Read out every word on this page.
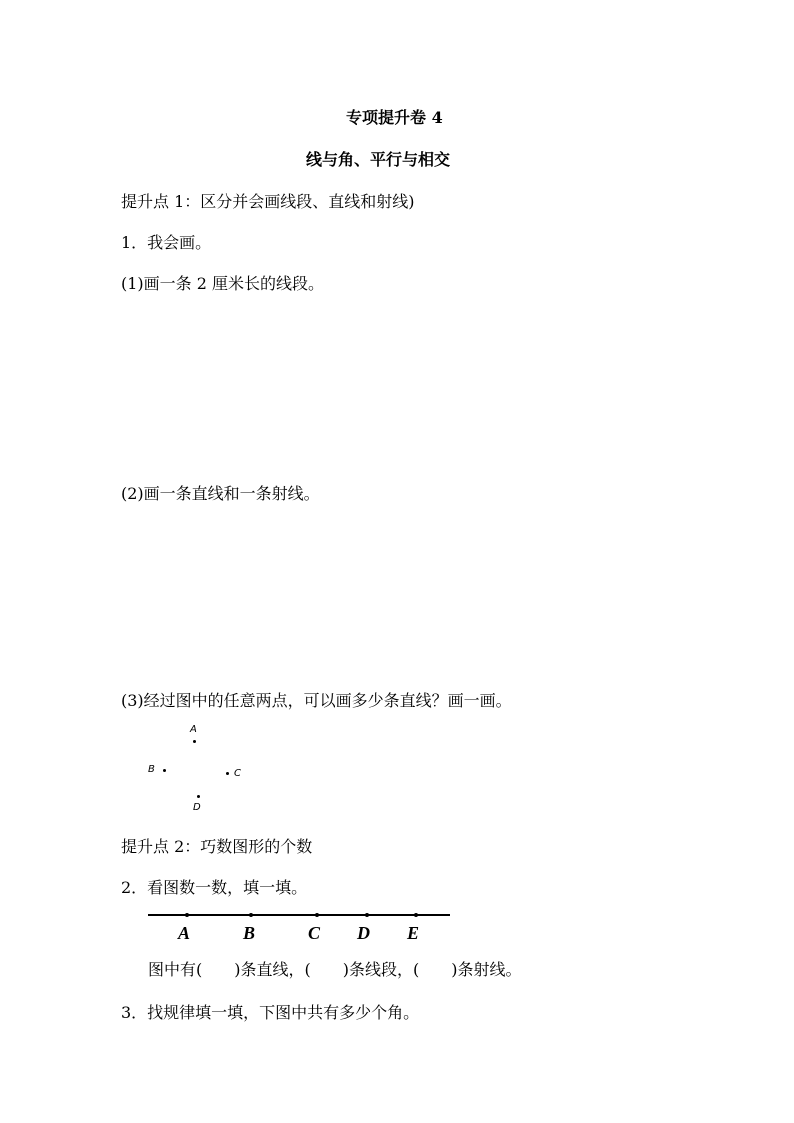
专项提升卷 4
线与角、平行与相交
提升点 1：区分并会画线段、直线和射线)
1．我会画。
(1)画一条 2 厘米长的线段。
(2)画一条直线和一条射线。
(3)经过图中的任意两点，可以画多少条直线？画一画。
A
B	C
D
提升点 2：巧数图形的个数
2．看图数一数，填一填。
A	B	C D E
图中有(　　)条直线，(　　)条线段，(　　)条射线。
3．找规律填一填，下图中共有多少个角。
